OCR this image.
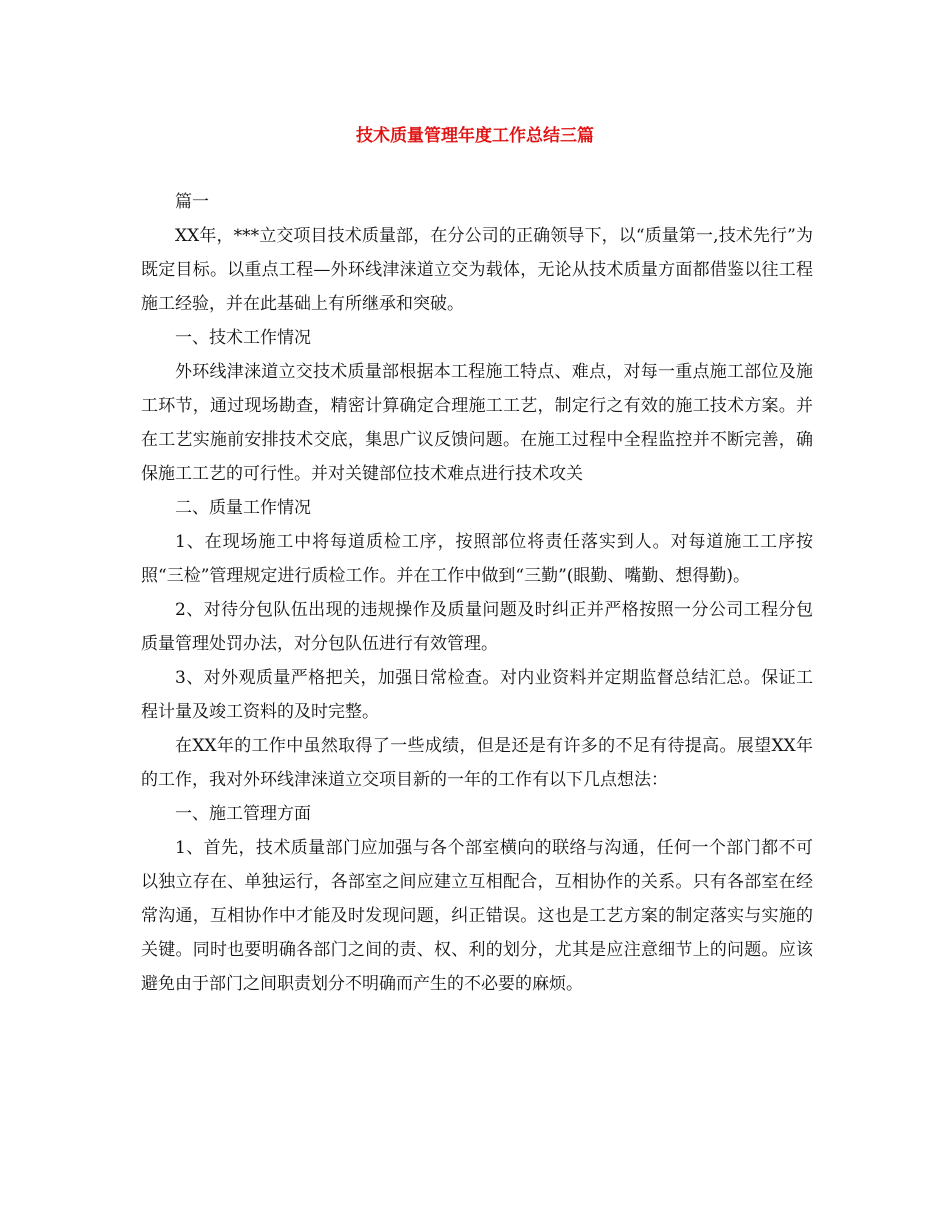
技术质量管理年度工作总结三篇

篇一

XX年，***立交项目技术质量部，在分公司的正确领导下，以“质量第一,技术先行”为既定目标。以重点工程—外环线津涞道立交为载体，无论从技术质量方面都借鉴以往工程施工经验，并在此基础上有所继承和突破。

一、技术工作情况

外环线津涞道立交技术质量部根据本工程施工特点、难点，对每一重点施工部位及施工环节，通过现场勘查，精密计算确定合理施工工艺，制定行之有效的施工技术方案。并在工艺实施前安排技术交底，集思广议反馈问题。在施工过程中全程监控并不断完善，确保施工工艺的可行性。并对关键部位技术难点进行技术攻关

二、质量工作情况

1、在现场施工中将每道质检工序，按照部位将责任落实到人。对每道施工工序按照“三检”管理规定进行质检工作。并在工作中做到“三勤”(眼勤、嘴勤、想得勤)。

2、对待分包队伍出现的违规操作及质量问题及时纠正并严格按照一分公司工程分包质量管理处罚办法，对分包队伍进行有效管理。

3、对外观质量严格把关，加强日常检查。对内业资料并定期监督总结汇总。保证工程计量及竣工资料的及时完整。

在XX年的工作中虽然取得了一些成绩，但是还是有许多的不足有待提高。展望XX年的工作，我对外环线津涞道立交项目新的一年的工作有以下几点想法：

一、施工管理方面

1、首先，技术质量部门应加强与各个部室横向的联络与沟通，任何一个部门都不可以独立存在、单独运行，各部室之间应建立互相配合，互相协作的关系。只有各部室在经常沟通，互相协作中才能及时发现问题，纠正错误。这也是工艺方案的制定落实与实施的关键。同时也要明确各部门之间的责、权、利的划分，尤其是应注意细节上的问题。应该避免由于部门之间职责划分不明确而产生的不必要的麻烦。
